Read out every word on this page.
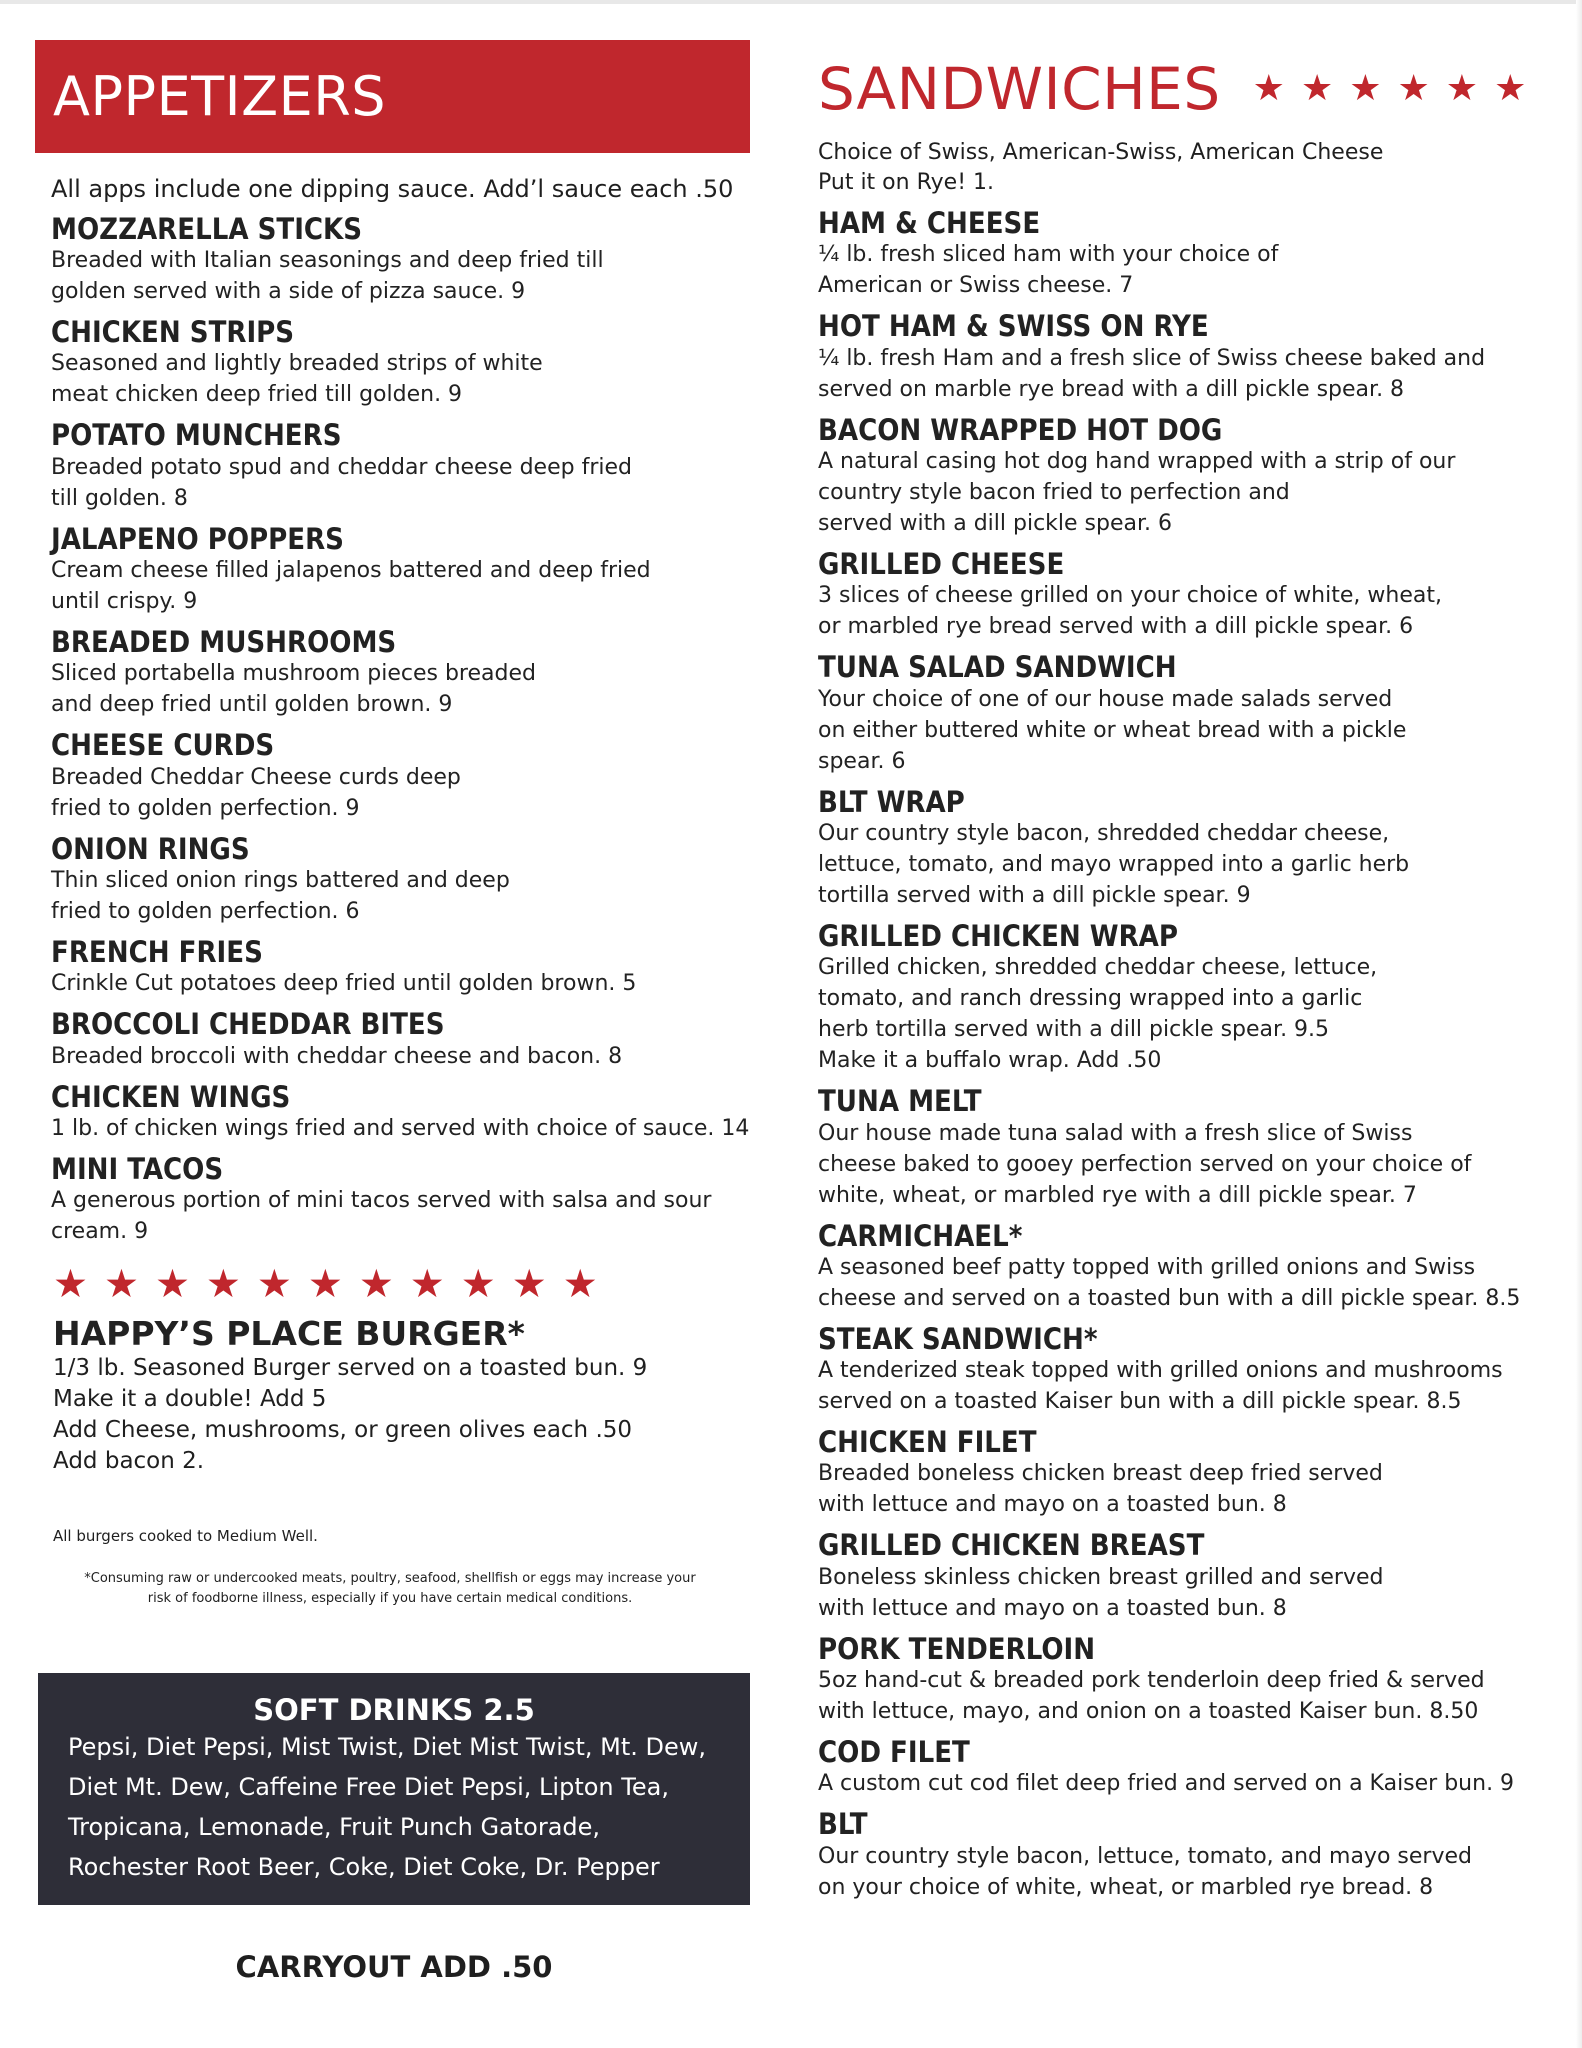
APPETIZERS
All apps include one dipping sauce. Add’l sauce each .50
MOZZARELLA STICKS
Breaded with Italian seasonings and deep fried till
golden served with a side of pizza sauce. 9
CHICKEN STRIPS
Seasoned and lightly breaded strips of white
meat chicken deep fried till golden. 9
POTATO MUNCHERS
Breaded potato spud and cheddar cheese deep fried
till golden. 8
JALAPENO POPPERS
Cream cheese filled jalapenos battered and deep fried
until crispy. 9
BREADED MUSHROOMS
Sliced portabella mushroom pieces breaded
and deep fried until golden brown. 9
CHEESE CURDS
Breaded Cheddar Cheese curds deep
fried to golden perfection. 9
ONION RINGS
Thin sliced onion rings battered and deep
fried to golden perfection. 6
FRENCH FRIES
Crinkle Cut potatoes deep fried until golden brown. 5
BROCCOLI CHEDDAR BITES
Breaded broccoli with cheddar cheese and bacon. 8
CHICKEN WINGS
1 lb. of chicken wings fried and served with choice of sauce. 14
MINI TACOS
A generous portion of mini tacos served with salsa and sour
cream. 9
★ ★ ★ ★ ★ ★ ★ ★ ★ ★ ★
HAPPY’S PLACE BURGER*
1/3 lb. Seasoned Burger served on a toasted bun. 9
Make it a double! Add 5
Add Cheese, mushrooms, or green olives each .50
Add bacon 2.
All burgers cooked to Medium Well.
*Consuming raw or undercooked meats, poultry, seafood, shellfish or eggs may increase your
risk of foodborne illness, especially if you have certain medical conditions.
SOFT DRINKS 2.5
Pepsi, Diet Pepsi, Mist Twist, Diet Mist Twist, Mt. Dew,
Diet Mt. Dew, Caffeine Free Diet Pepsi, Lipton Tea,
Tropicana, Lemonade, Fruit Punch Gatorade,
Rochester Root Beer, Coke, Diet Coke, Dr. Pepper
CARRYOUT ADD .50
SANDWICHES ★ ★ ★ ★ ★ ★
Choice of Swiss, American-Swiss, American Cheese
Put it on Rye! 1.
HAM & CHEESE
¼ lb. fresh sliced ham with your choice of
American or Swiss cheese. 7
HOT HAM & SWISS ON RYE
¼ lb. fresh Ham and a fresh slice of Swiss cheese baked and
served on marble rye bread with a dill pickle spear. 8
BACON WRAPPED HOT DOG
A natural casing hot dog hand wrapped with a strip of our
country style bacon fried to perfection and
served with a dill pickle spear. 6
GRILLED CHEESE
3 slices of cheese grilled on your choice of white, wheat,
or marbled rye bread served with a dill pickle spear. 6
TUNA SALAD SANDWICH
Your choice of one of our house made salads served
on either buttered white or wheat bread with a pickle
spear. 6
BLT WRAP
Our country style bacon, shredded cheddar cheese,
lettuce, tomato, and mayo wrapped into a garlic herb
tortilla served with a dill pickle spear. 9
GRILLED CHICKEN WRAP
Grilled chicken, shredded cheddar cheese, lettuce,
tomato, and ranch dressing wrapped into a garlic
herb tortilla served with a dill pickle spear. 9.5
Make it a buffalo wrap. Add .50
TUNA MELT
Our house made tuna salad with a fresh slice of Swiss
cheese baked to gooey perfection served on your choice of
white, wheat, or marbled rye with a dill pickle spear. 7
CARMICHAEL*
A seasoned beef patty topped with grilled onions and Swiss
cheese and served on a toasted bun with a dill pickle spear. 8.5
STEAK SANDWICH*
A tenderized steak topped with grilled onions and mushrooms
served on a toasted Kaiser bun with a dill pickle spear. 8.5
CHICKEN FILET
Breaded boneless chicken breast deep fried served
with lettuce and mayo on a toasted bun. 8
GRILLED CHICKEN BREAST
Boneless skinless chicken breast grilled and served
with lettuce and mayo on a toasted bun. 8
PORK TENDERLOIN
5oz hand-cut & breaded pork tenderloin deep fried & served
with lettuce, mayo, and onion on a toasted Kaiser bun. 8.50
COD FILET
A custom cut cod filet deep fried and served on a Kaiser bun. 9
BLT
Our country style bacon, lettuce, tomato, and mayo served
on your choice of white, wheat, or marbled rye bread. 8
